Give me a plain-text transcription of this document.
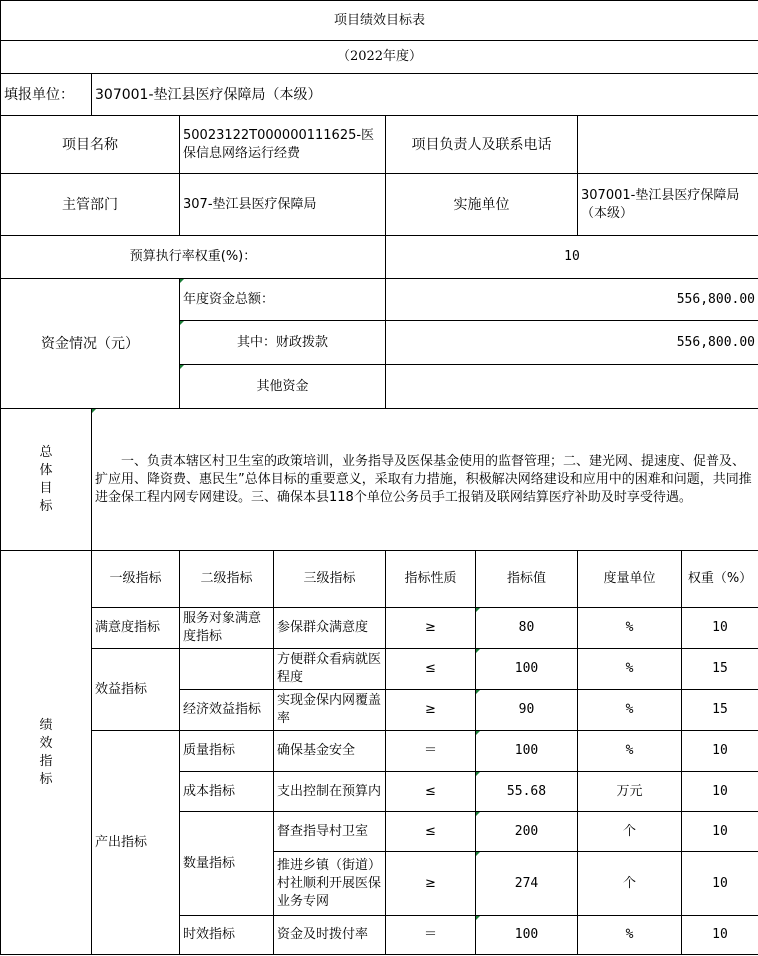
项目绩效目标表							
（2022年度）							
填报单位：	307001-垫江县医疗保障局（本级）						
项目名称		50023122T000000111625-医保信息网络运行经费		项目负责人及联系电话			
主管部门		307-垫江县医疗保障局		实施单位		307001-垫江县医疗保障局（本级）	
预算执行率权重(%)：				10			
资金情况（元）		年度资金总额：		556,800.00			
		其中：财政拨款		556,800.00			
		其他资金					
总体目标	一、负责本辖区村卫生室的政策培训，业务指导及医保基金使用的监督管理；二、建光网、提速度、促普及、扩应用、降资费、惠民生”总体目标的重要意义，采取有力措施，积极解决网络建设和应用中的困难和问题，共同推进金保工程内网专网建设。三、确保本县118个单位公务员手工报销及联网结算医疗补助及时享受待遇。						
绩效指标	一级指标	二级指标	三级指标	指标性质	指标值	度量单位	权重（%）
	满意度指标	服务对象满意度指标	参保群众满意度	≥	80	%	10
	效益指标		方便群众看病就医程度	≤	100	%	15
		经济效益指标	实现金保内网覆盖率	≥	90	%	15
	产出指标	质量指标	确保基金安全	＝	100	%	10
		成本指标	支出控制在预算内	≤	55.68	万元	10
		数量指标	督查指导村卫室	≤	200	个	10
			推进乡镇（街道）村社顺利开展医保业务专网	≥	274	个	10
		时效指标	资金及时拨付率	＝	100	%	10
